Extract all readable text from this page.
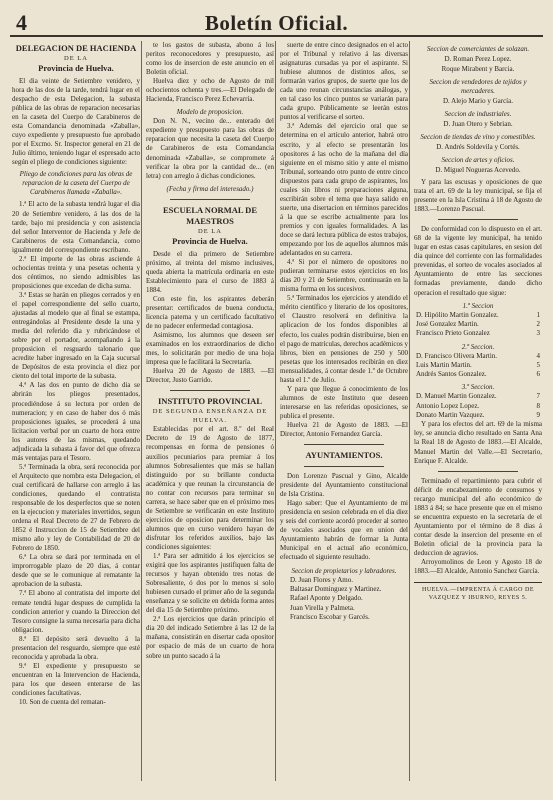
4	Boletín Oficial.
DELEGACION DE HACIENDA
DE LA
Provincia de Huelva.

El dia veinte de Setiembre venidero, y hora de las dos de la tarde, tendrá lugar en el despacho de esta Delegacion, la subasta pública de las obras de reparacion necesarias en la caseta del Cuerpo de Carabineros de esta Comandancia denominada «Zaballa», cuyo expediente y presupuesto fue aprobado por el Excmo. Sr. Inspector general en 21 de Julio último, teniendo lugar el espresado acto según el pliego de condiciones siguiente:

Pliego de condiciones para las obras de reparacion de la caseta del Cuerpo de Carabineros llamada «Zaballa».

1.ª El acto de la subasta tendrá lugar el dia 20 de Setiembre venidero, á las dos de la tarde, bajo mi presidencia y con asistencia del señor Interventor de Hacienda y Jefe de Carabineros de esta Comandancia, como igualmente del correspondiente escribano.

2.ª El importe de las obras asciende á ochocientas treinta y una pesetas ochenta y dos céntimos, no siendo admisibles las proposiciones que excedan de dicha suma.

3.ª Estas se harán en pliegos cerrados y en el papel correspondiente del sello cuarto, ajustadas al modelo que al final se estampa, entregándolas al Presidente desde la una y media del referido dia y rubricándose el sobre por el portador, acompañando á la proposicion el resguardo talonario que acredite haber ingresado en la Caja sucursal de Depósitos de esta provincia el diez por ciento del total importe de la subasta.

4.ª A las dos en punto de dicho dia se abrirán los pliegos presentados, procediéndose á su lectura por orden de numeracion; y en caso de haber dos ó más proposiciones iguales, se procederá á una licitacion verbal por un cuarto de hora entre los autores de las mismas, quedando adjudicada la subasta á favor del que ofrezca más ventajas para el Tesoro.

5.ª Terminada la obra, será reconocida por el Arquitecto que nombra esta Delegacion, el cual certificará de hallarse con arreglo á las condiciones, quedando el contratista responsable de los desperfectos que se noten en la ejecucion y materiales invertidos, segun ordena el Real Decreto de 27 de Febrero de 1852 é Instruccion de 15 de Setiembre del mismo año y ley de Contabilidad de 20 de Febrero de 1850.

6.ª La obra se dará por terminada en el improrrogable plazo de 20 dias, á contar desde que se le comunique al rematante la aprobacion de la subasta.

7.ª El abono al contratista del importe del remate tendrá lugar despues de cumplida la condicion anterior y cuando la Direccion del Tesoro consigne la suma necesaria para dicha obligacion.

8.ª El depósito será devuelto á la presentacion del resguardo, siempre que esté reconocida y aprobada la obra.

9.ª El expediente y presupuesto se encuentran en la Intervencion de Hacienda, para los que deseen enterarse de las condiciones facultativas.

10. Son de cuenta del rematan-

te los gastos de subasta, abono á los peritos reconocedores y presupuesto, así como los de insercion de este anuncio en el Boletin oficial.

Huelva diez y ocho de Agosto de mil ochocientos ochenta y tres.—El Delegado de Hacienda, Francisco Perez Echevarría.

Modelo de proposicion.

Don N. N., vecino de... enterado del expediente y presupuesto para las obras de reparacion que necesita la caseta del Cuerpo de Carabineros de esta Comandancia denominada «Zaballa», se compromete á verificar la obra por la cantidad de... (en letra) con arreglo á dichas condiciones.

(Fecha y firma del interesado.)
ESCUELA NORMAL DE MAESTROS
DE LA
Provincia de Huelva.

Desde el dia primero de Setiembre próximo, al treinta del mismo inclusives, queda abierta la matrícula ordinaria en este Establecimiento para el curso de 1883 á 1884.

Con este fin, los aspirantes deberán presentar: certificados de buena conducta, licencia paterna y un certificado facultativo de no padecer enfermedad contagiosa.

Asimismo, los alumnos que deseen ser examinados en los extraordinarios de dicho mes, lo solicitarán por medio de una hoja impresa que le facilitará la Secretaría.

Huelva 20 de Agosto de 1883. —El Director, Justo Garrido.

INSTITUTO PROVINCIAL
DE SEGUNDA ENSEÑANZA DE HUELVA.

Establecidas por el art. 8.º del Real Decreto de 19 de Agosto de 1877, recompensas en forma de pensiones ó auxilios pecuniarios para premiar á los alumnos Sobresalientes que más se hallan distinguido por su brillante conducta académica y que reunan la circunstancia de no contar con recursos para terminar su carrera, se hace saber que en el próximo mes de Setiembre se verificarán en este Instituto ejercicios de oposicion para determinar los alumnos que en curso venidero hayan de disfrutar los referidos auxilios, bajo las condiciones siguientes:

1.ª Para ser admitido á los ejercicios se exigirá que los aspirantes justifiquen falta de recursos y hayan obtenido tres notas de Sobresaliente, ó dos por lo menos si solo hubiesen cursado el primer año de la segunda enseñanza y se solicite en debida forma antes del dia 15 de Setiembre próximo.

2.ª Los ejercicios que darán principio el dia 20 del indicado Setiembre á las 12 de la mañana, consistirán en disertar cada opositor por espacio de más de un cuarto de hora sobre un punto sacado á la

suerte de entre cinco designados en el acto por el Tribunal y relativo á las diversas asignaturas cursadas ya por el aspirante. Si hubiese alumnos de distintos años, se formarán varios grupos, de suerte que los de cada uno reunan circunstancias análogas, y en tal caso los cinco puntos se variarán para cada grupo. Públicamente se leerán estos puntos al verificarse el sorteo.

3.ª Además del ejercicio oral que se determina en el artículo anterior, habrá otro escrito, y al efecto se presentarán los opositores á las ocho de la mañana del día siguiente en el mismo sitio y ante el mismo Tribunal, sorteando otro punto de entre cinco dispuestos para cada grupo de aspirantes, los cuales sin libros ni preparaciones alguna, escribirán sobre el tema que haya salido en suerte, una disertacion en términos parecidos á la que se escribe actualmente para los premios y con iguales formalidades. A las doce se dará lectura pública de estos trabajos, empezando por los de aquellos alumnos más adelantados en su carrera.

4.ª Si por el número de opositores no pudieran terminarse estos ejercicios en los dias 20 y 21 de Setiembre, continuarán en la misma forma en los sucesivos.

5.ª Terminados los ejercicios y atendido el mérito científico y literario de los opositores, el Claustro resolverá en definitiva la aplicacion de los fondos disponibles al efecto, los cuales podrán distribuirse, bien en el pago de matrículas, derechos académicos y libros, bien en pensiones de 250 y 500 pesetas que los interesados recibirán en diez mensualidades, á contar desde 1.º de Octubre hasta el 1.º de Julio.

Y para que llegue á conocimiento de los alumnos de este Instituto que deseen interesarse en las referidas oposiciones, se publica el presente.

Huelva 21 de Agosto de 1883. —El Director, Antonio Fernandez García.

AYUNTAMIENTOS.

Don Lorenzo Pascual y Gino, Alcalde presidente del Ayuntamiento constitucional de Isla Cristina.

Hago saber: Que el Ayuntamiento de mi presidencia en sesion celebrada en el dia diez y seis del corriente acordó proceder al sorteo de vocales asociados que en union del Ayuntamiento habrán de formar la Junta Municipal en el actual año económico, efectuado el siguiente resultado.

Seccion de propietarios y labradores.
D. Juan Flores y Amo.
Baltasar Dominguez y Martinez.
Rafael Aponte y Delgado.
Juan Virella y Palmeta.
Francisco Escobar y Garcés.
Seccion de comerciantes de solazan.
D. Roman Perez Lopez.
Roque Mirabent y Barcia.
Seccion de vendedores de tejidos y mercaderes.
D. Alejo Mario y García.
Seccion de industriales.
D. Juan Otero y Sebrian.
Seccion de tiendas de vino y comestibles.
D. Andrés Soldevila y Cortés.
Seccion de artes y oficios.
D. Miguel Nogueras Acevedo.

Y para las escusas y oposiciones de que trata el art. 69 de la ley municipal, se fija el presente en la Isla Cristina á 18 de Agosto de 1883.—Lorenzo Pascual.

De conformidad con lo dispuesto en el art. 68 de la vigente ley municipal, ha tenido lugar en estas casas capitulares, en sesion del dia quince del corriente con las formalidades prevenidas, el sorteo de vocales asociados al Ayuntamiento de entre las secciones formadas previamente, dando dicho operacion el resultado que sigue:

1.ª Seccion
D. Hipólito Martin Gonzalez.	1
José Gonzalez Martin.	2
Francisco Prieto Gonzalez	3
2.ª Seccion.
D. Francisco Olivera Martin.	4
Luis Martin Martin.	5
Andrés Santos Gonzalez.	6
3.ª Seccion.
D. Manuel Martin Gonzalez.	7
Antonio Lopez Lopez.	8
Donato Martin Vazquez.	9

Y para los efectos del art. 69 de la misma ley, se anuncia dicho resultado en Santa Ana la Real 18 de Agosto de 1883.—El Alcalde, Manuel Martin del Valle.—El Secretario, Enrique F. Alcalde.

Terminado el repartimiento para cubrir el déficit de encabezamiento de consumos y recargo municipal del año económico de 1883 á 84; se hace presente que en el mismo se encuentra expuesto en la secretaría de el Ayuntamiento por el término de 8 dias á contar desde la insercion del presente en el Boletin oficial de la provincia para la deduccion de agravios.

Arroyomolinos de Leon y Agosto 18 de 1883.—El Alcalde, Antonio Sanchez García.

HUELVA.—IMPRENTA Á CARGO DE VAZQUEZ Y IBURNO, REYES 5.
